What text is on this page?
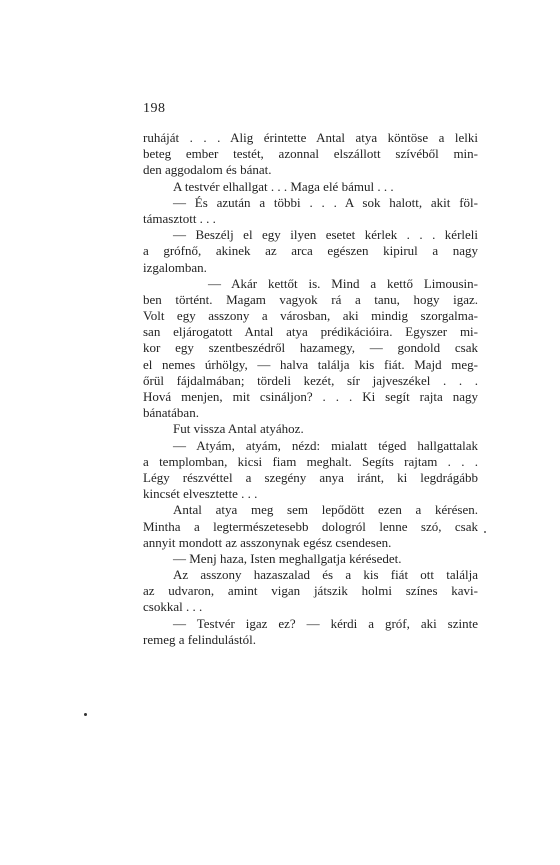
198
ruháját . . . Alig érintette Antal atya köntöse a lelki
beteg ember testét, azonnal elszállott szívéből min-
den aggodalom és bánat.
A testvér elhallgat . . . Maga elé bámul . . .
— És azután a többi . . . A sok halott, akit föl-
támasztott . . .
— Beszélj el egy ilyen esetet kérlek . . . kérleli
a grófnő, akinek az arca egészen kipirul a nagy
izgalomban.
— Akár kettőt is. Mind a kettő Limousin-
ben történt. Magam vagyok rá a tanu, hogy igaz.
Volt egy asszony a városban, aki mindig szorgalma-
san eljárogatott Antal atya prédikációira. Egyszer mi-
kor egy szentbeszédről hazamegy, — gondold csak
el nemes úrhölgy, — halva találja kis fiát. Majd meg-
őrül fájdalmában; tördeli kezét, sír jajveszékel . . .
Hová menjen, mit csináljon? . . . Ki segít rajta nagy
bánatában.
Fut vissza Antal atyához.
— Atyám, atyám, nézd: mialatt téged hallgattalak
a templomban, kicsi fiam meghalt. Segíts rajtam . . .
Légy részvéttel a szegény anya iránt, ki legdrágább
kincsét elvesztette . . .
Antal atya meg sem lepődött ezen a kérésen.
Mintha a legtermészetesebb dologról lenne szó, csak
annyit mondott az asszonynak egész csendesen.
— Menj haza, Isten meghallgatja kérésedet.
Az asszony hazaszalad és a kis fiát ott találja
az udvaron, amint vigan játszik holmi színes kavi-
csokkal . . .
— Testvér igaz ez? — kérdi a gróf, aki szinte
remeg a felindulástól.
